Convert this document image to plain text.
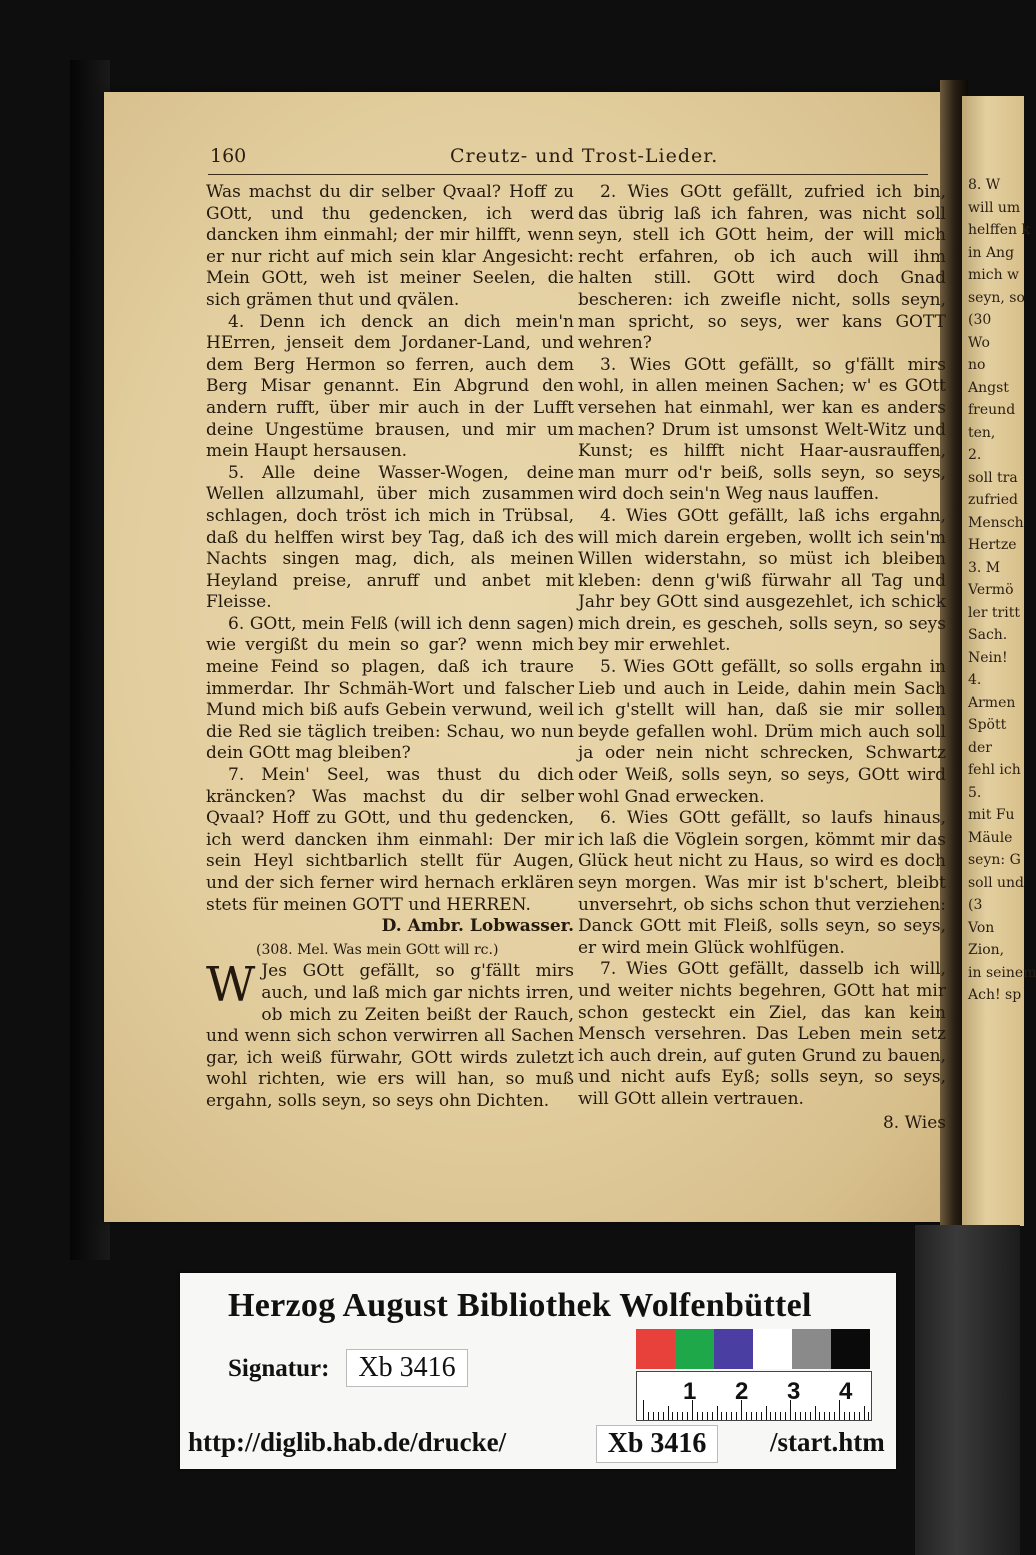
8. W
will um
helffen k
in Ang
mich w
seyn, so
(30
Wo
no
Angst
freund
ten,
2.
soll tra
zufried
Mensch
Hertze
3. M
Vermö
ler tritt
Sach.
Nein!
4.
Armen
Spött
der
fehl ich
5.
mit Fu
Mäule
seyn: G
soll und
(3
Von
Zion,
in seinem
Ach! sp
160	Creutz- und Trost-Lieder.

Was machst du dir selber Qvaal? Hoff zu GOtt, und thu gedencken, ich werd dancken ihm einmahl; der mir hilfft, wenn er nur richt auf mich sein klar Angesicht: Mein GOtt, weh ist meiner Seelen, die sich grämen thut und qvälen.

4. Denn ich denck an dich mein'n HErren, jenseit dem Jordaner-Land, und dem Berg Hermon so ferren, auch dem Berg Misar genannt. Ein Abgrund den andern rufft, über mir auch in der Lufft deine Ungestüme brausen, und mir um mein Haupt hersausen.

5. Alle deine Wasser-Wogen, deine Wellen allzumahl, über mich zusammen schlagen, doch tröst ich mich in Trübsal, daß du helffen wirst bey Tag, daß ich des Nachts singen mag, dich, als meinen Heyland preise, anruff und anbet mit Fleisse.

6. GOtt, mein Felß (will ich denn sagen) wie vergißt du mein so gar? wenn mich meine Feind so plagen, daß ich traure immerdar. Ihr Schmäh-Wort und falscher Mund mich biß aufs Gebein verwund, weil die Red sie täglich treiben: Schau, wo nun dein GOtt mag bleiben?

7. Mein' Seel, was thust du dich kräncken? Was machst du dir selber Qvaal? Hoff zu GOtt, und thu gedencken, ich werd dancken ihm einmahl: Der mir sein Heyl sichtbarlich stellt für Augen, und der sich ferner wird hernach erklären stets für meinen GOTT und HERREN.

D. Ambr. Lobwasser.

(308. Mel. Was mein GOtt will rc.)

W Jes GOtt gefällt, so g'fällt mirs auch, und laß mich gar nichts irren, ob mich zu Zeiten beißt der Rauch, und wenn sich schon verwirren all Sachen gar, ich weiß fürwahr, GOtt wirds zuletzt wohl richten, wie ers will han, so muß ergahn, solls seyn, so seys ohn Dichten.

2. Wies GOtt gefällt, zufried ich bin, das übrig laß ich fahren, was nicht soll seyn, stell ich GOtt heim, der will mich recht erfahren, ob ich auch will ihm halten still. GOtt wird doch Gnad bescheren: ich zweifle nicht, solls seyn, man spricht, so seys, wer kans GOTT wehren?

3. Wies GOtt gefällt, so g'fällt mirs wohl, in allen meinen Sachen; w' es GOtt versehen hat einmahl, wer kan es anders machen? Drum ist umsonst Welt-Witz und Kunst; es hilfft nicht Haar-ausrauffen, man murr od'r beiß, solls seyn, so seys, wird doch sein'n Weg naus lauffen.

4. Wies GOtt gefällt, laß ichs ergahn, will mich darein ergeben, wollt ich sein'm Willen widerstahn, so müst ich bleiben kleben: denn g'wiß fürwahr all Tag und Jahr bey GOtt sind ausgezehlet, ich schick mich drein, es gescheh, solls seyn, so seys bey mir erwehlet.

5. Wies GOtt gefällt, so solls ergahn in Lieb und auch in Leide, dahin mein Sach ich g'stellt will han, daß sie mir sollen beyde gefallen wohl. Drüm mich auch soll ja oder nein nicht schrecken, Schwartz oder Weiß, solls seyn, so seys, GOtt wird wohl Gnad erwecken.

6. Wies GOtt gefällt, so laufs hinaus, ich laß die Vöglein sorgen, kömmt mir das Glück heut nicht zu Haus, so wird es doch seyn morgen. Was mir ist b'schert, bleibt unversehrt, ob sichs schon thut verziehen: Danck GOtt mit Fleiß, solls seyn, so seys, er wird mein Glück wohlfügen.

7. Wies GOtt gefällt, dasselb ich will, und weiter nichts begehren, GOtt hat mir schon gesteckt ein Ziel, das kan kein Mensch versehren. Das Leben mein setz ich auch drein, auf guten Grund zu bauen, und nicht aufs Eyß; solls seyn, so seys, will GOtt allein vertrauen.

8. Wies

Herzog August Bibliothek Wolfenbüttel
Signatur:	Xb 3416
1 2 3 4
http://diglib.hab.de/drucke/	Xb 3416	/start.htm
